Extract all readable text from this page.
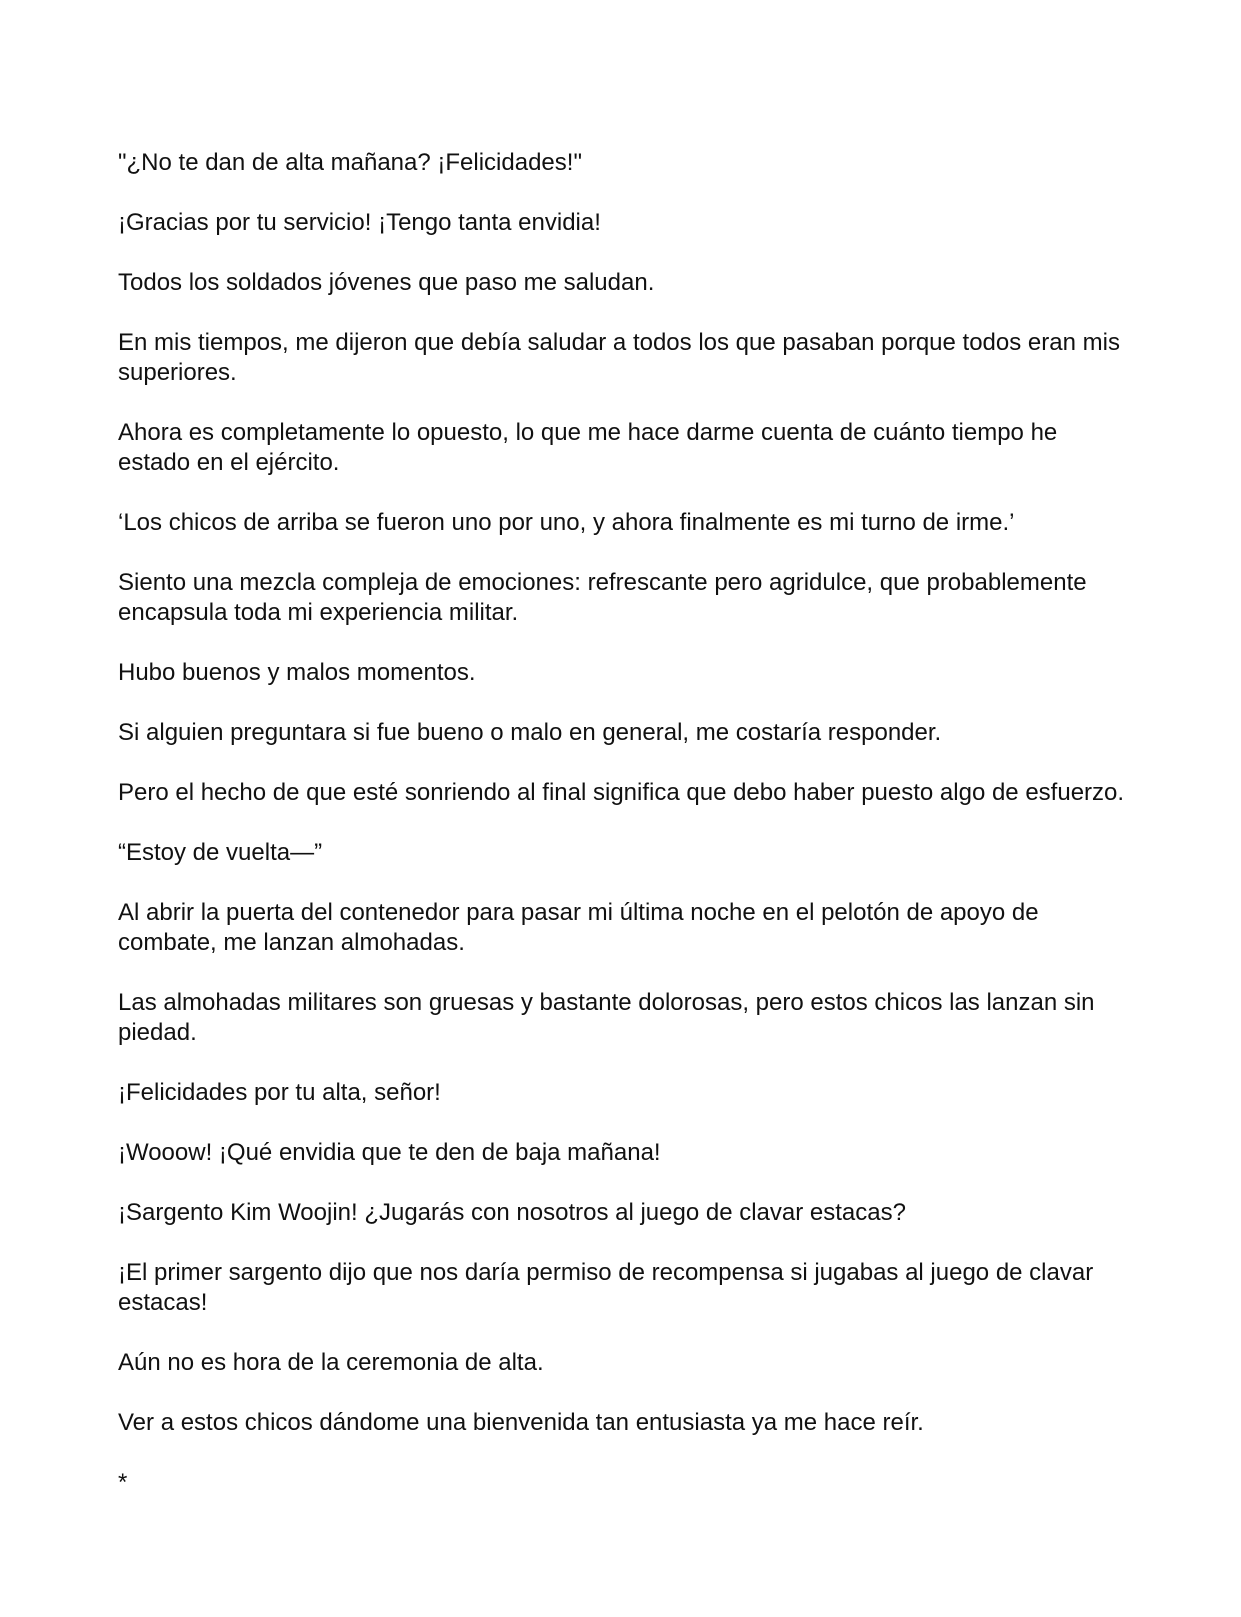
"¿No te dan de alta mañana? ¡Felicidades!"

¡Gracias por tu servicio! ¡Tengo tanta envidia!

Todos los soldados jóvenes que paso me saludan.

En mis tiempos, me dijeron que debía saludar a todos los que pasaban porque todos eran mis superiores.

Ahora es completamente lo opuesto, lo que me hace darme cuenta de cuánto tiempo he estado en el ejército.

‘Los chicos de arriba se fueron uno por uno, y ahora finalmente es mi turno de irme.’

Siento una mezcla compleja de emociones: refrescante pero agridulce, que probablemente encapsula toda mi experiencia militar.

Hubo buenos y malos momentos.

Si alguien preguntara si fue bueno o malo en general, me costaría responder.

Pero el hecho de que esté sonriendo al final significa que debo haber puesto algo de esfuerzo.

“Estoy de vuelta—”

Al abrir la puerta del contenedor para pasar mi última noche en el pelotón de apoyo de combate, me lanzan almohadas.

Las almohadas militares son gruesas y bastante dolorosas, pero estos chicos las lanzan sin piedad.

¡Felicidades por tu alta, señor!

¡Wooow! ¡Qué envidia que te den de baja mañana!

¡Sargento Kim Woojin! ¿Jugarás con nosotros al juego de clavar estacas?

¡El primer sargento dijo que nos daría permiso de recompensa si jugabas al juego de clavar estacas!

Aún no es hora de la ceremonia de alta.

Ver a estos chicos dándome una bienvenida tan entusiasta ya me hace reír.

*
